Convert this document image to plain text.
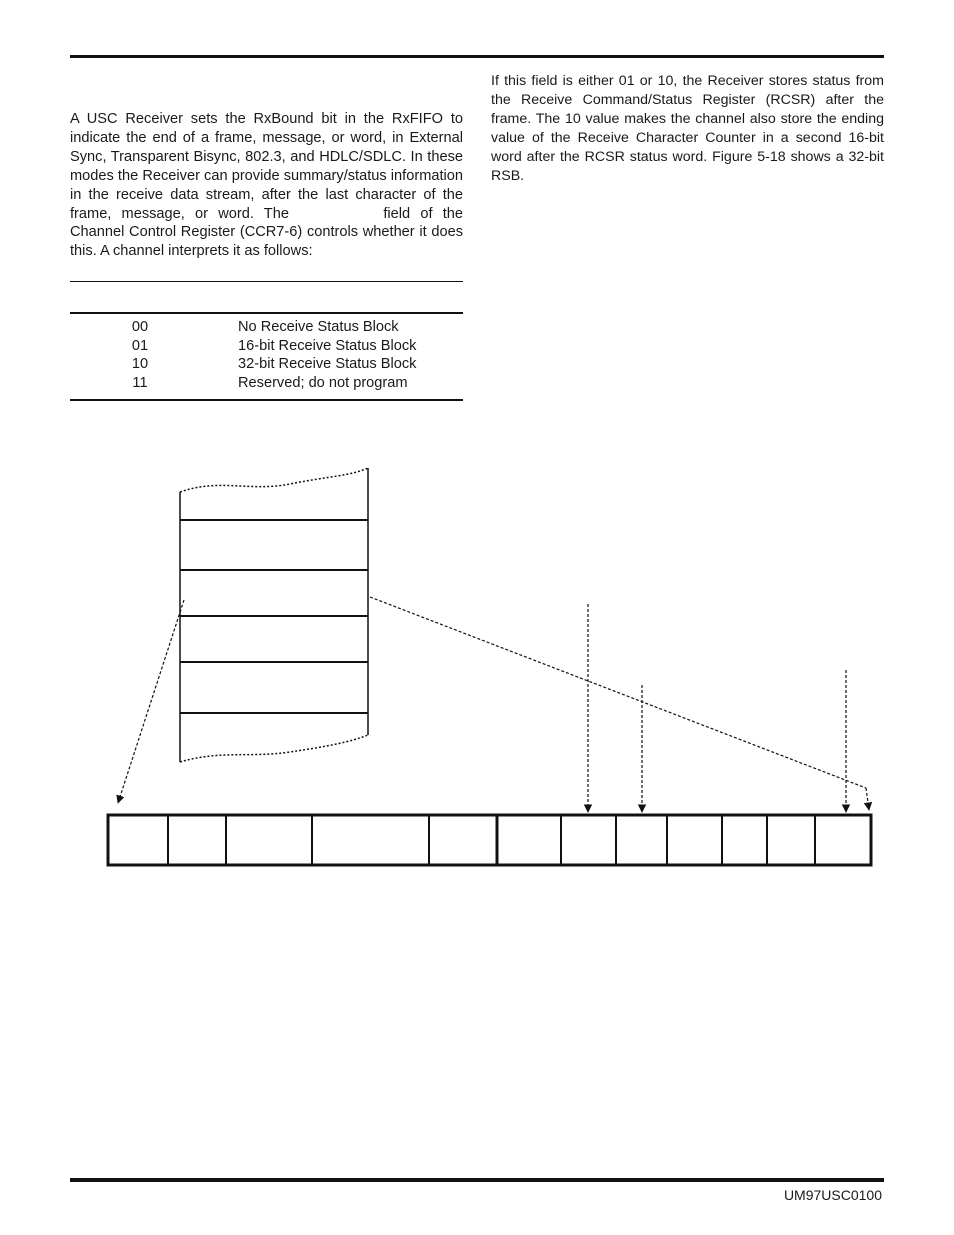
A USC Receiver sets the RxBound bit in the RxFIFO to indicate the end of a frame, message, or word, in External Sync, Transparent Bisync, 802.3, and HDLC/SDLC. In these modes the Receiver can provide summary/status information in the receive data stream, after the last character of the frame, message, or word. The	field of the Channel Control Register (CCR7-6) controls whether it does this. A channel interprets it as follows:

If this field is either 01 or 10, the Receiver stores status from the Receive Command/Status Register (RCSR) after the frame. The 10 value makes the channel also store the ending value of the Receive Character Counter in a second 16-bit word after the RCSR status word. Figure 5-18 shows a 32-bit RSB.

00	No Receive Status Block
01	16-bit Receive Status Block
10	32-bit Receive Status Block
11	Reserved; do not program
UM97USC0100
